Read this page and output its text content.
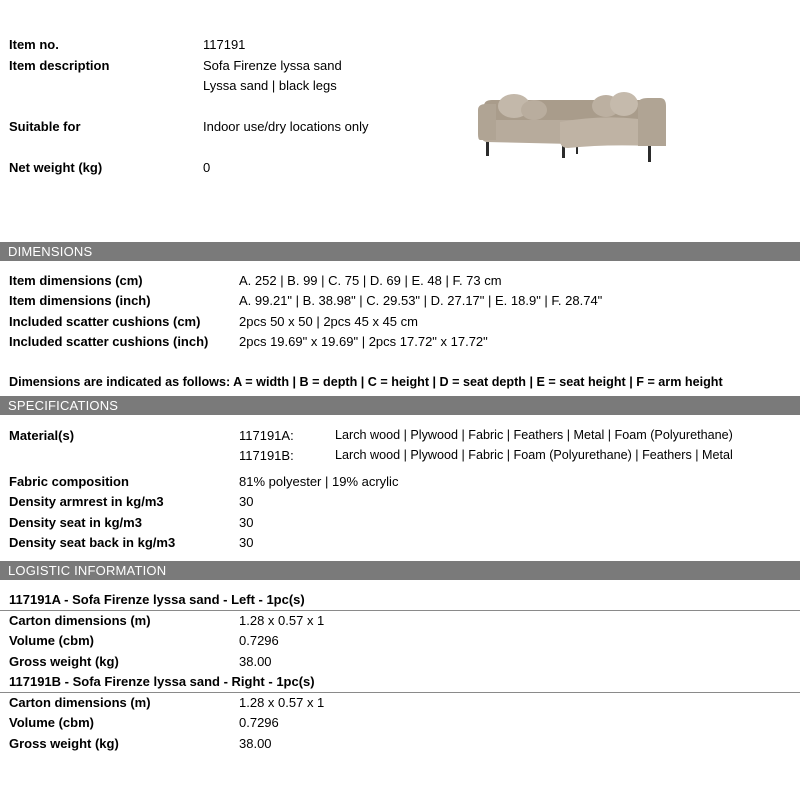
Item no.	117191
Item description	Sofa Firenze lyssa sand
Lyssa sand | black legs
Suitable for	Indoor use/dry locations only
Net weight (kg)	0
DIMENSIONS
Item dimensions (cm)	A. 252 | B. 99 | C. 75 | D. 69 | E. 48 | F. 73 cm
Item dimensions (inch)	A. 99.21" | B. 38.98" | C. 29.53" | D. 27.17" | E. 18.9" | F. 28.74"
Included scatter cushions (cm)	2pcs 50 x 50 | 2pcs 45 x 45 cm
Included scatter cushions (inch) 2pcs 19.69" x 19.69" | 2pcs 17.72" x 17.72"
Dimensions are indicated as follows: A = width | B = depth | C = height | D = seat depth | E = seat height | F = arm height
SPECIFICATIONS
Material(s)	117191A:	Larch wood | Plywood | Fabric | Feathers | Metal | Foam (Polyurethane)
117191B:	Larch wood | Plywood | Fabric | Foam (Polyurethane) | Feathers | Metal
Fabric composition	81% polyester | 19% acrylic
Density armrest in kg/m3	30
Density seat in kg/m3	30
Density seat back in kg/m3	30
LOGISTIC INFORMATION
117191A - Sofa Firenze lyssa sand - Left - 1pc(s)
Carton dimensions (m)	1.28 x 0.57 x 1
Volume (cbm)	0.7296
Gross weight (kg)	38.00
117191B - Sofa Firenze lyssa sand - Right - 1pc(s)
Carton dimensions (m)	1.28 x 0.57 x 1
Volume (cbm)	0.7296
Gross weight (kg)	38.00
